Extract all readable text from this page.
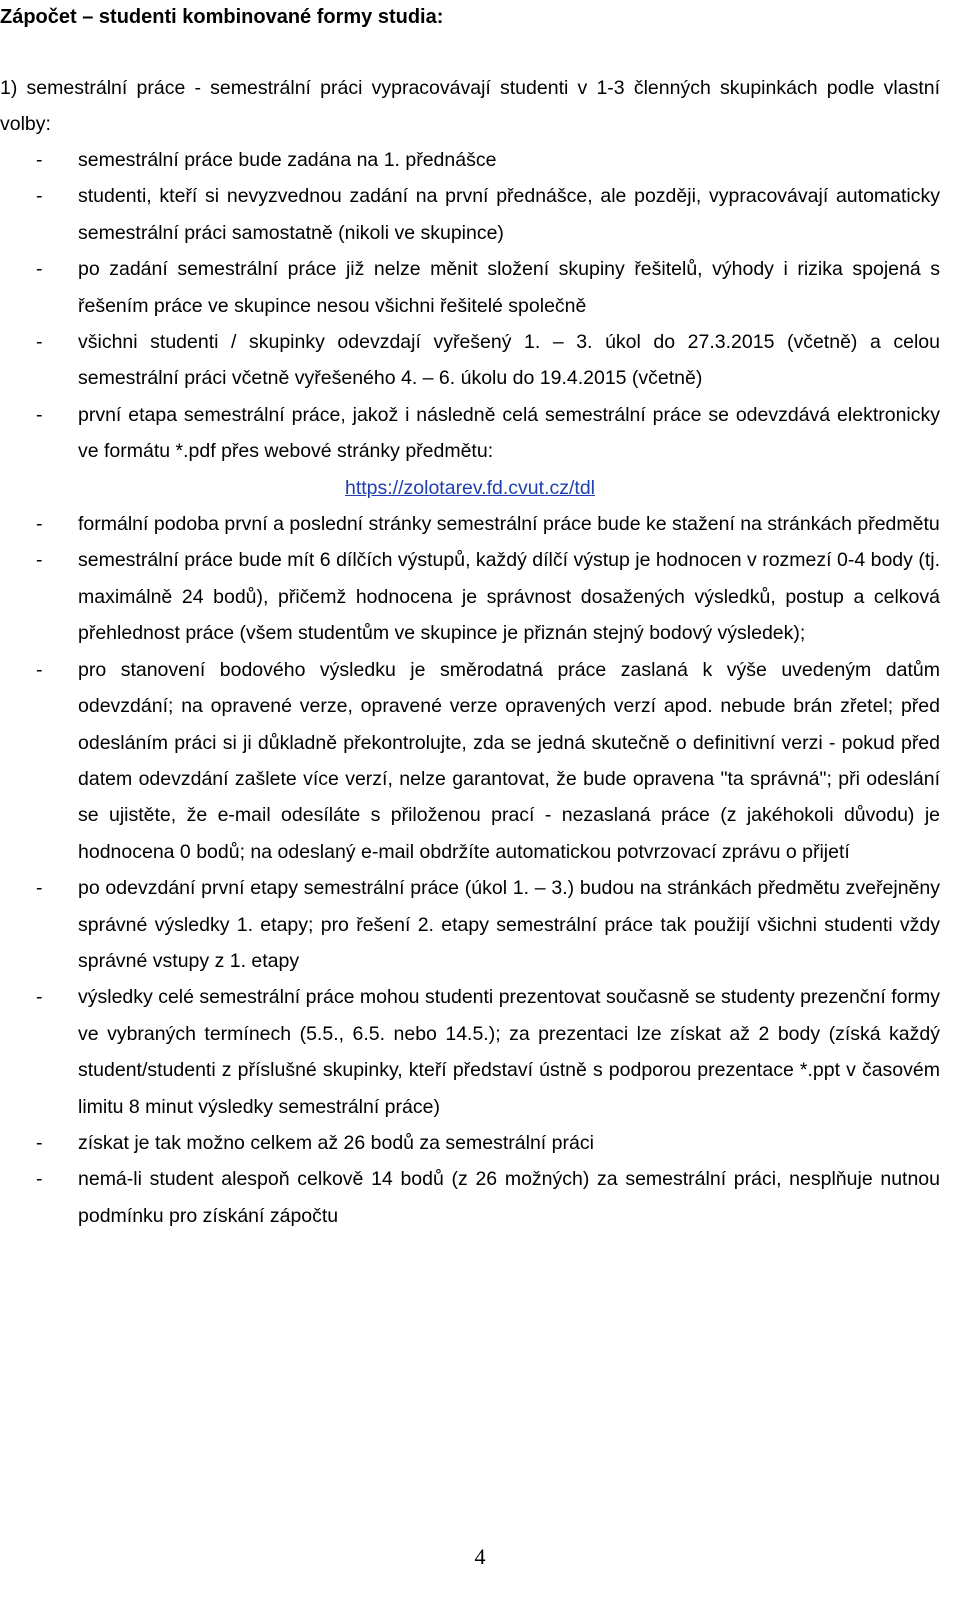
Zápočet – studenti kombinované formy studia:
1) semestrální práce - semestrální práci vypracovávají studenti v 1-3 členných skupinkách podle vlastní volby:
- semestrální práce bude zadána na 1. přednášce
- studenti, kteří si nevyzvednou zadání na první přednášce, ale později, vypracovávají automaticky semestrální práci samostatně (nikoli ve skupince)
- po zadání semestrální práce již nelze měnit složení skupiny řešitelů, výhody i rizika spojená s řešením práce ve skupince nesou všichni řešitelé společně
- všichni studenti / skupinky odevzdají vyřešený 1. – 3. úkol do 27.3.2015 (včetně) a celou semestrální práci včetně vyřešeného 4. – 6. úkolu do 19.4.2015 (včetně)
- první etapa semestrální práce, jakož i následně celá semestrální práce se odevzdává elektronicky ve formátu *.pdf přes webové stránky předmětu:
https://zolotarev.fd.cvut.cz/tdl
- formální podoba první a poslední stránky semestrální práce bude ke stažení na stránkách předmětu
- semestrální práce bude mít 6 dílčích výstupů, každý dílčí výstup je hodnocen v rozmezí 0-4 body (tj. maximálně 24 bodů), přičemž hodnocena je správnost dosažených výsledků, postup a celková přehlednost práce (všem studentům ve skupince je přiznán stejný bodový výsledek);
- pro stanovení bodového výsledku je směrodatná práce zaslaná k výše uvedeným datům odevzdání; na opravené verze, opravené verze opravených verzí apod. nebude brán zřetel; před odesláním práci si ji důkladně překontrolujte, zda se jedná skutečně o definitivní verzi - pokud před datem odevzdání zašlete více verzí, nelze garantovat, že bude opravena "ta správná"; při odeslání se ujistěte, že e-mail odesíláte s přiloženou prací - nezaslaná práce (z jakéhokoli důvodu) je hodnocena 0 bodů; na odeslaný e-mail obdržíte automatickou potvrzovací zprávu o přijetí
- po odevzdání první etapy semestrální práce (úkol 1. – 3.) budou na stránkách předmětu zveřejněny správné výsledky 1. etapy; pro řešení 2. etapy semestrální práce tak použijí všichni studenti vždy správné vstupy z 1. etapy
- výsledky celé semestrální práce mohou studenti prezentovat současně se studenty prezenční formy ve vybraných termínech (5.5., 6.5. nebo 14.5.); za prezentaci lze získat až 2 body (získá každý student/studenti z příslušné skupinky, kteří představí ústně s podporou prezentace *.ppt v časovém limitu 8 minut výsledky semestrální práce)
- získat je tak možno celkem až 26 bodů za semestrální práci
- nemá-li student alespoň celkově 14 bodů (z 26 možných) za semestrální práci, nesplňuje nutnou podmínku pro získání zápočtu
4
